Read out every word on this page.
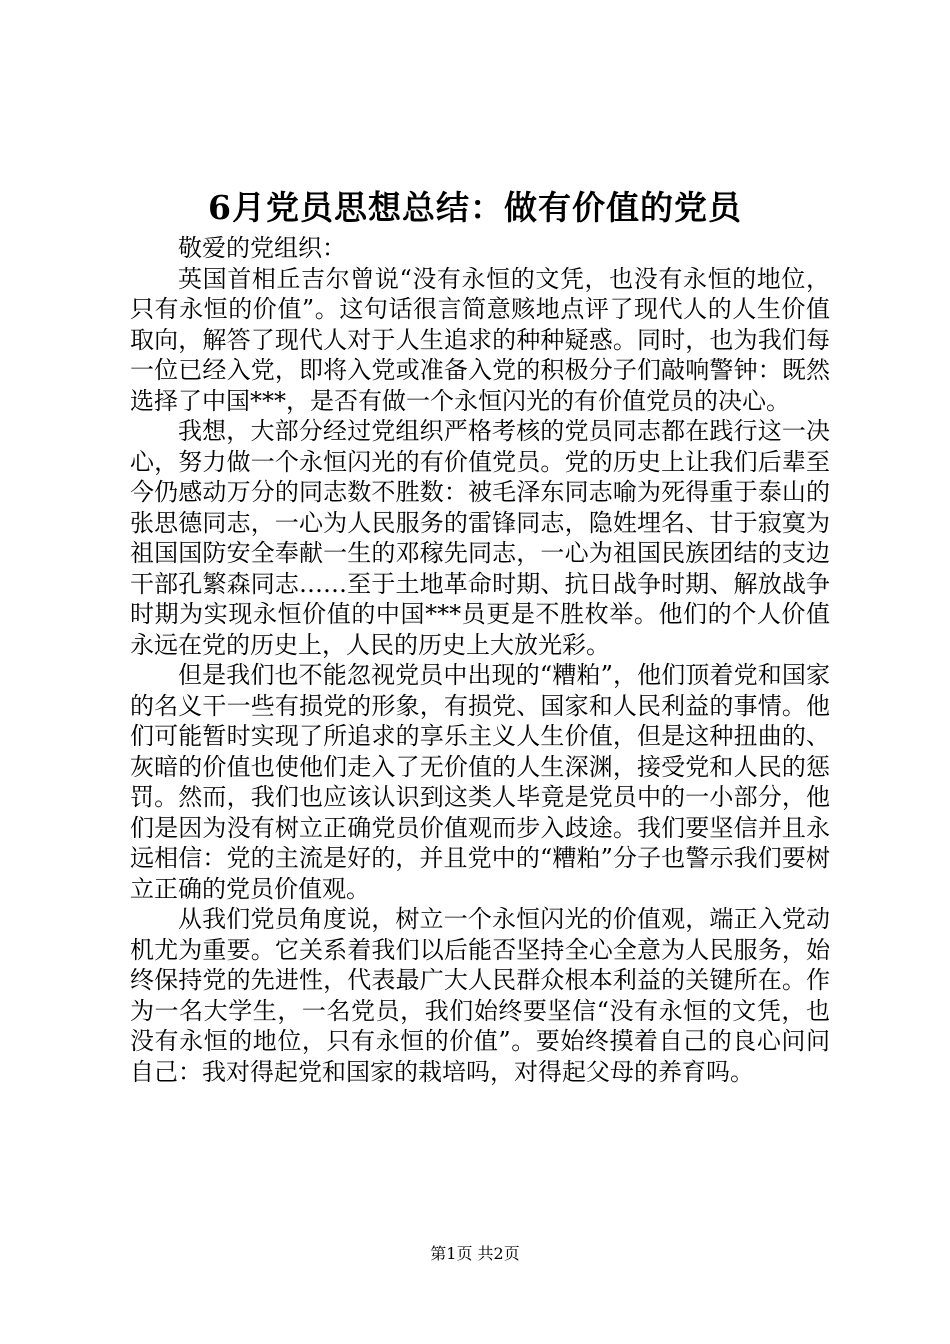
6月党员思想总结：做有价值的党员

敬爱的党组织：

英国首相丘吉尔曾说“没有永恒的文凭，也没有永恒的地位，只有永恒的价值”。这句话很言简意赅地点评了现代人的人生价值取向，解答了现代人对于人生追求的种种疑惑。同时，也为我们每一位已经入党，即将入党或准备入党的积极分子们敲响警钟：既然选择了中国***，是否有做一个永恒闪光的有价值党员的决心。

我想，大部分经过党组织严格考核的党员同志都在践行这一决心，努力做一个永恒闪光的有价值党员。党的历史上让我们后辈至今仍感动万分的同志数不胜数：被毛泽东同志喻为死得重于泰山的张思德同志，一心为人民服务的雷锋同志，隐姓埋名、甘于寂寞为祖国国防安全奉献一生的邓稼先同志，一心为祖国民族团结的支边干部孔繁森同志……至于土地革命时期、抗日战争时期、解放战争时期为实现永恒价值的中国***员更是不胜枚举。他们的个人价值永远在党的历史上，人民的历史上大放光彩。

但是我们也不能忽视党员中出现的“糟粕”，他们顶着党和国家的名义干一些有损党的形象，有损党、国家和人民利益的事情。他们可能暂时实现了所追求的享乐主义人生价值，但是这种扭曲的、灰暗的价值也使他们走入了无价值的人生深渊，接受党和人民的惩罚。然而，我们也应该认识到这类人毕竟是党员中的一小部分，他们是因为没有树立正确党员价值观而步入歧途。我们要坚信并且永远相信：党的主流是好的，并且党中的“糟粕”分子也警示我们要树立正确的党员价值观。

从我们党员角度说，树立一个永恒闪光的价值观，端正入党动机尤为重要。它关系着我们以后能否坚持全心全意为人民服务，始终保持党的先进性，代表最广大人民群众根本利益的关键所在。作为一名大学生，一名党员，我们始终要坚信“没有永恒的文凭，也没有永恒的地位，只有永恒的价值”。要始终摸着自己的良心问问自己：我对得起党和国家的栽培吗，对得起父母的养育吗。

第1页 共2页
